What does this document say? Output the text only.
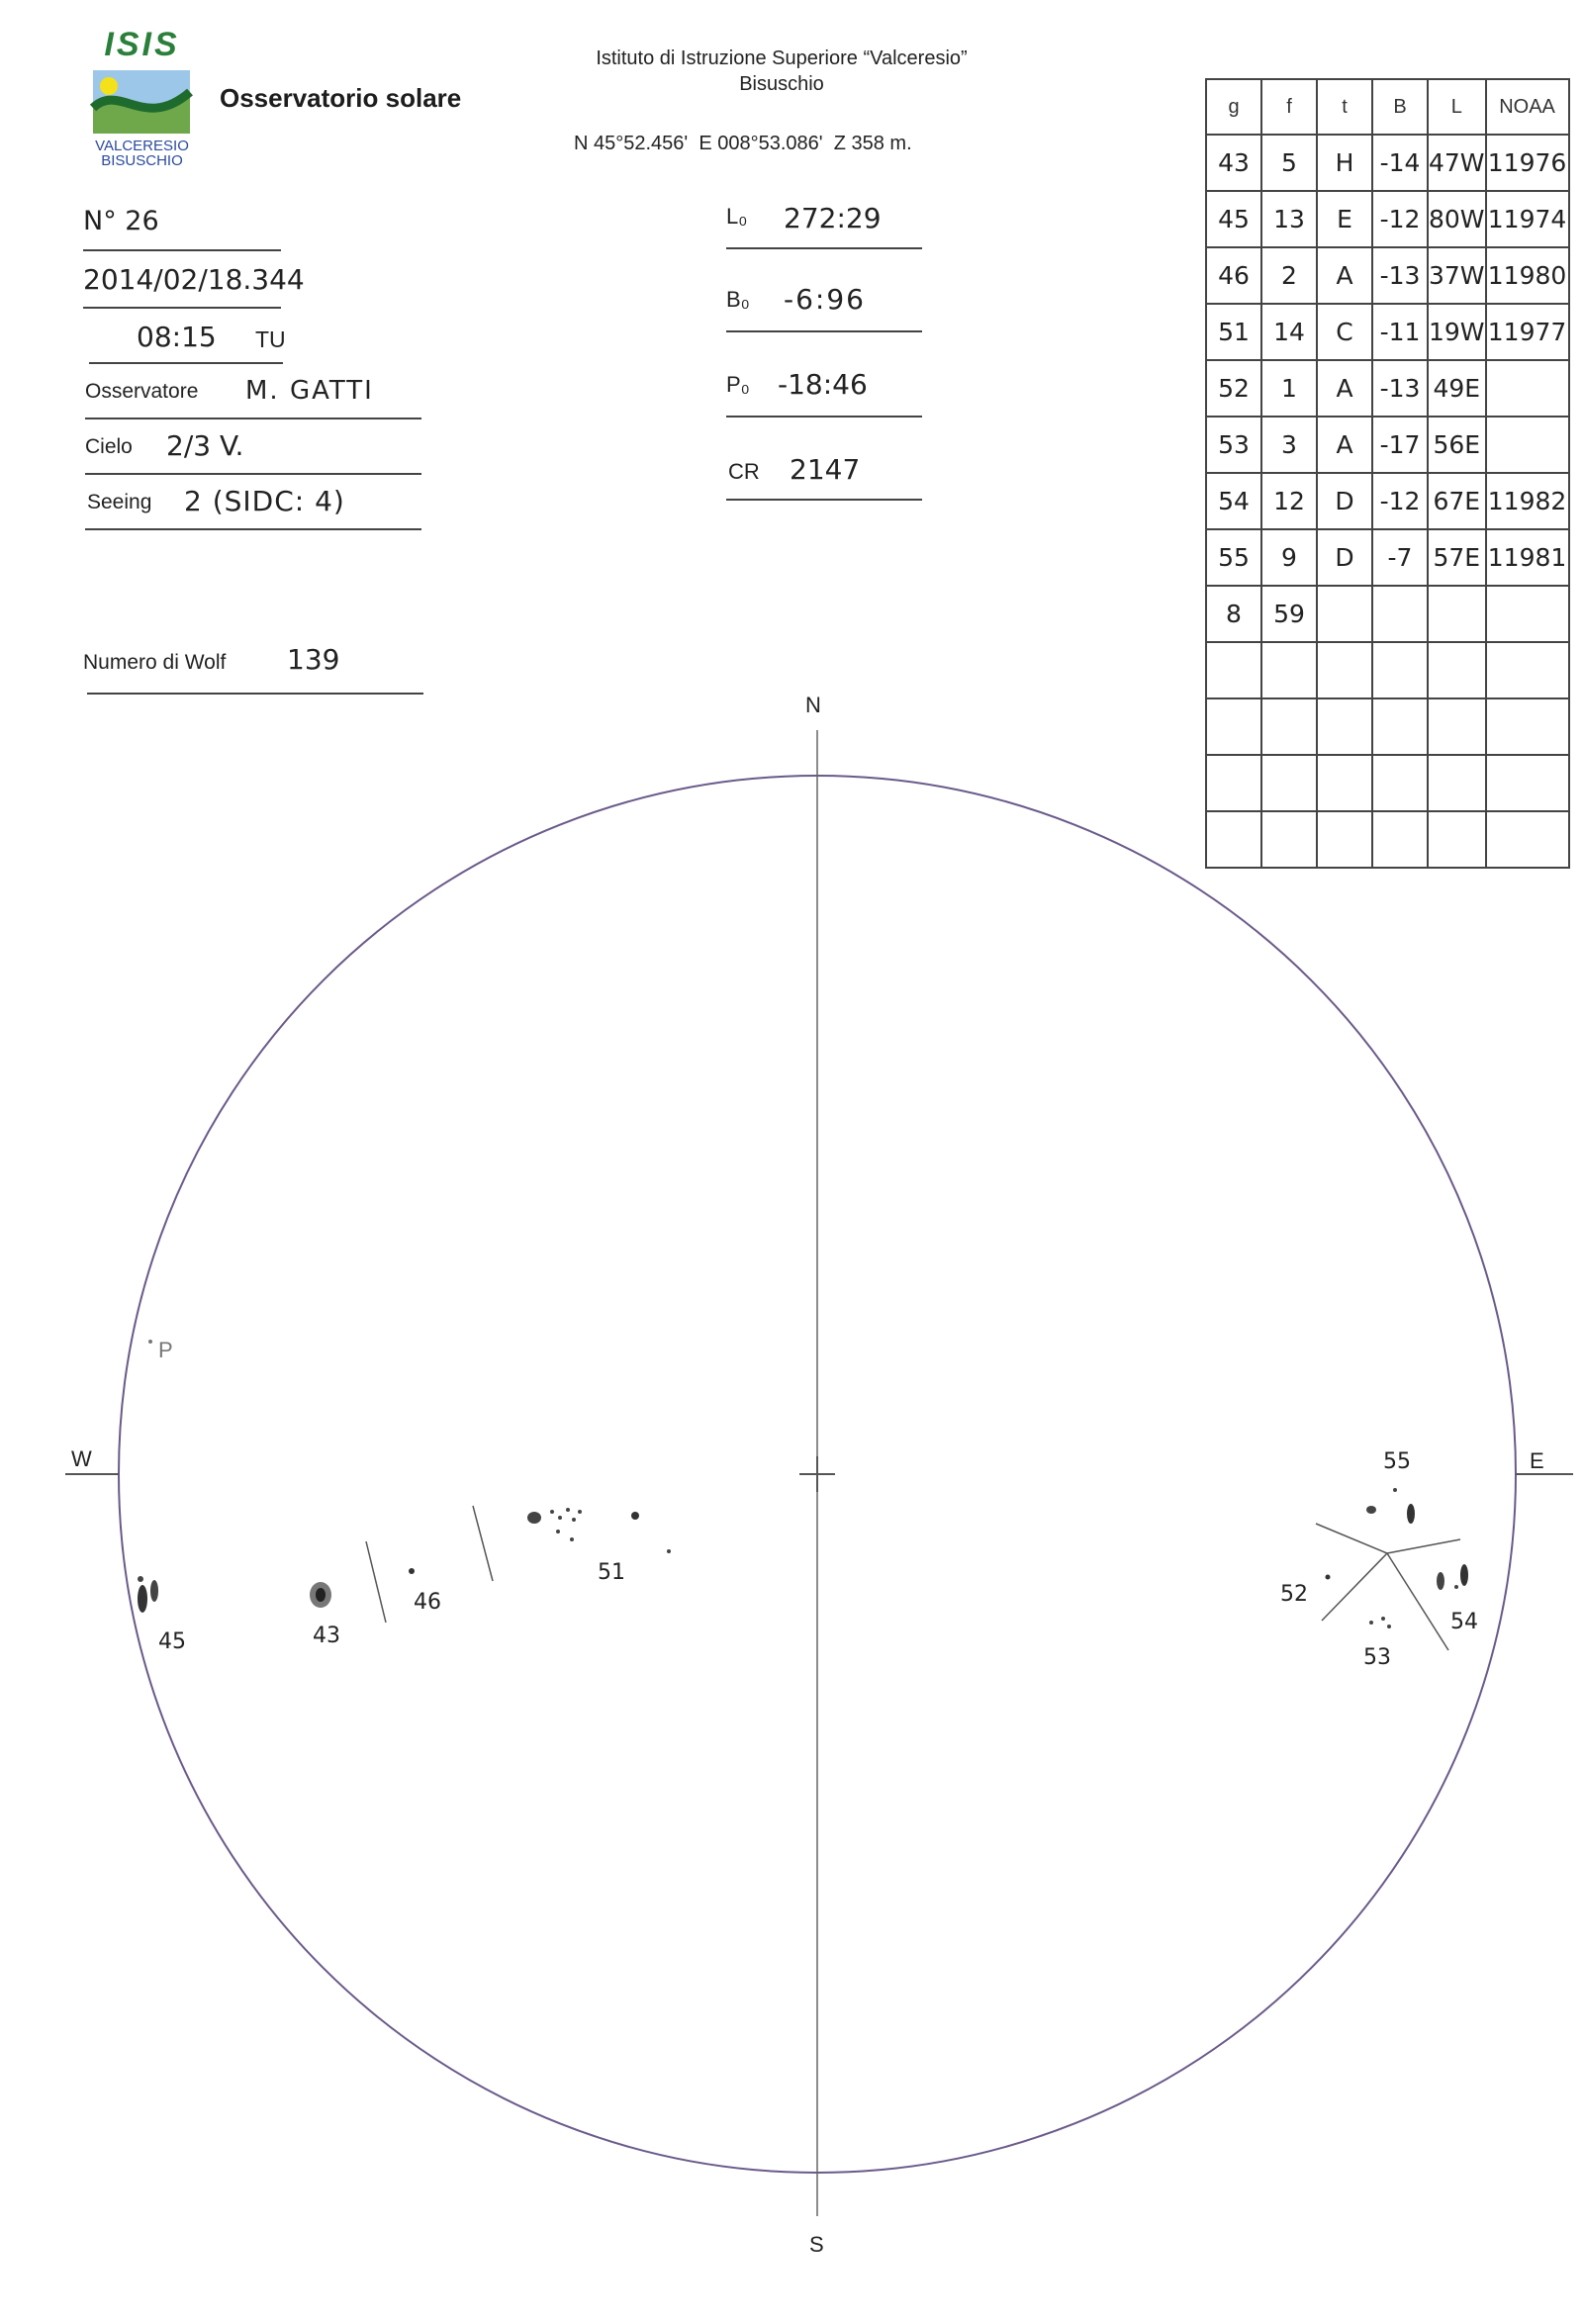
ISIS
VALCERESIO
BISUSCHIO
Osservatorio solare
Istituto di Istruzione Superiore “Valceresio”
Bisuschio
N 45°52.456'  E 008°53.086'  Z 358 m.
N° 26
2014/02/18.344
08:15 TU
Osservatore M. GATTI
Cielo 2/3 V.
Seeing 2 (SIDC: 4)
Numero di Wolf 139
L₀ 272:29
B₀ -6:96
P₀ -18:46
CR 2147
g	f	t	B	L	NOAA
43	5	H	-14	47W	11976
45	13	E	-12	80W	11974
46	2	A	-13	37W	11980
51	14	C	-11	19W	11977
52	1	A	-13	49E	
53	3	A	-17	56E	
54	12	D	-12	67E	11982
55	9	D	-7	57E	11981
8	59				

N
S
W	E
P
45	43
46
51
55
52
53
54
